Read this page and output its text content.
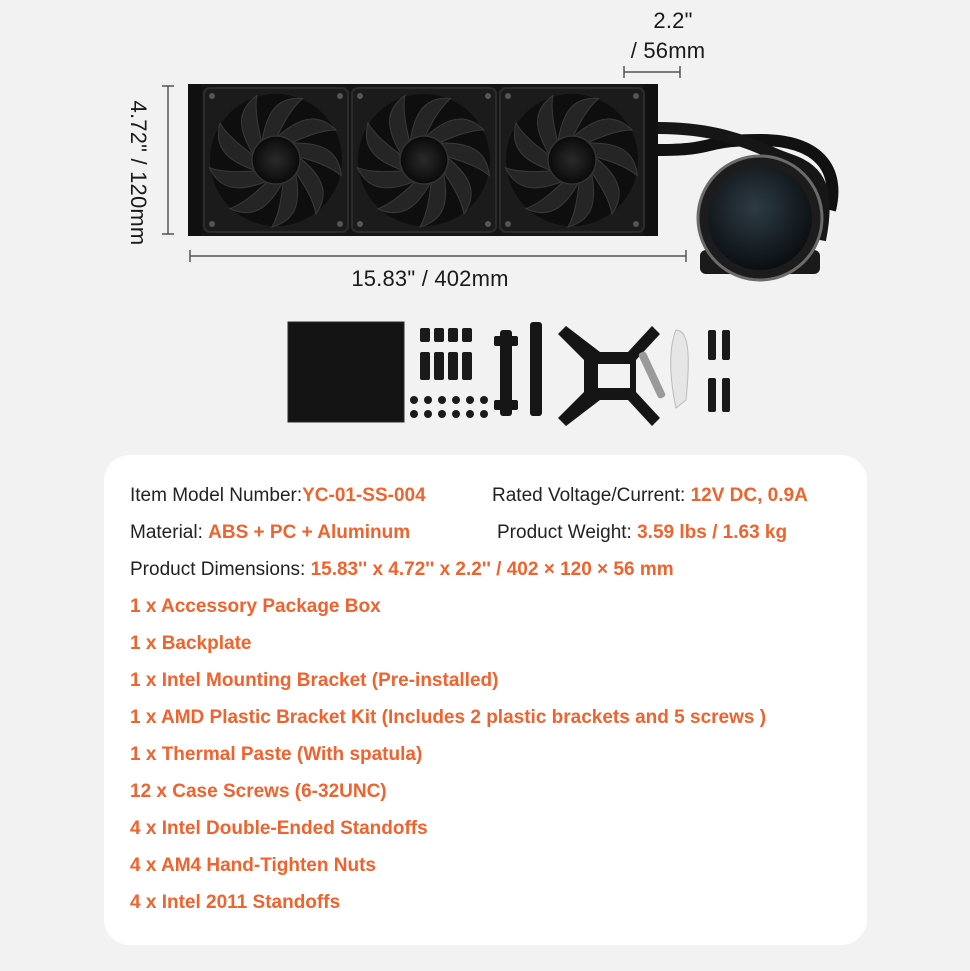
2.2"
/ 56mm
4.72" / 120mm
15.83" / 402mm
Item Model Number:YC-01-SS-004	Rated Voltage/Current: 12V DC, 0.9A
Material: ABS + PC + Aluminum	Product Weight: 3.59 lbs / 1.63 kg
Product Dimensions: 15.83'' x 4.72'' x 2.2'' / 402 × 120 × 56 mm
1 x Accessory Package Box
1 x Backplate
1 x Intel Mounting Bracket (Pre-installed)
1 x AMD Plastic Bracket Kit (Includes 2 plastic brackets and 5 screws )
1 x Thermal Paste (With spatula)
12 x Case Screws (6-32UNC)
4 x Intel Double-Ended Standoffs
4 x AM4 Hand-Tighten Nuts
4 x Intel 2011 Standoffs
